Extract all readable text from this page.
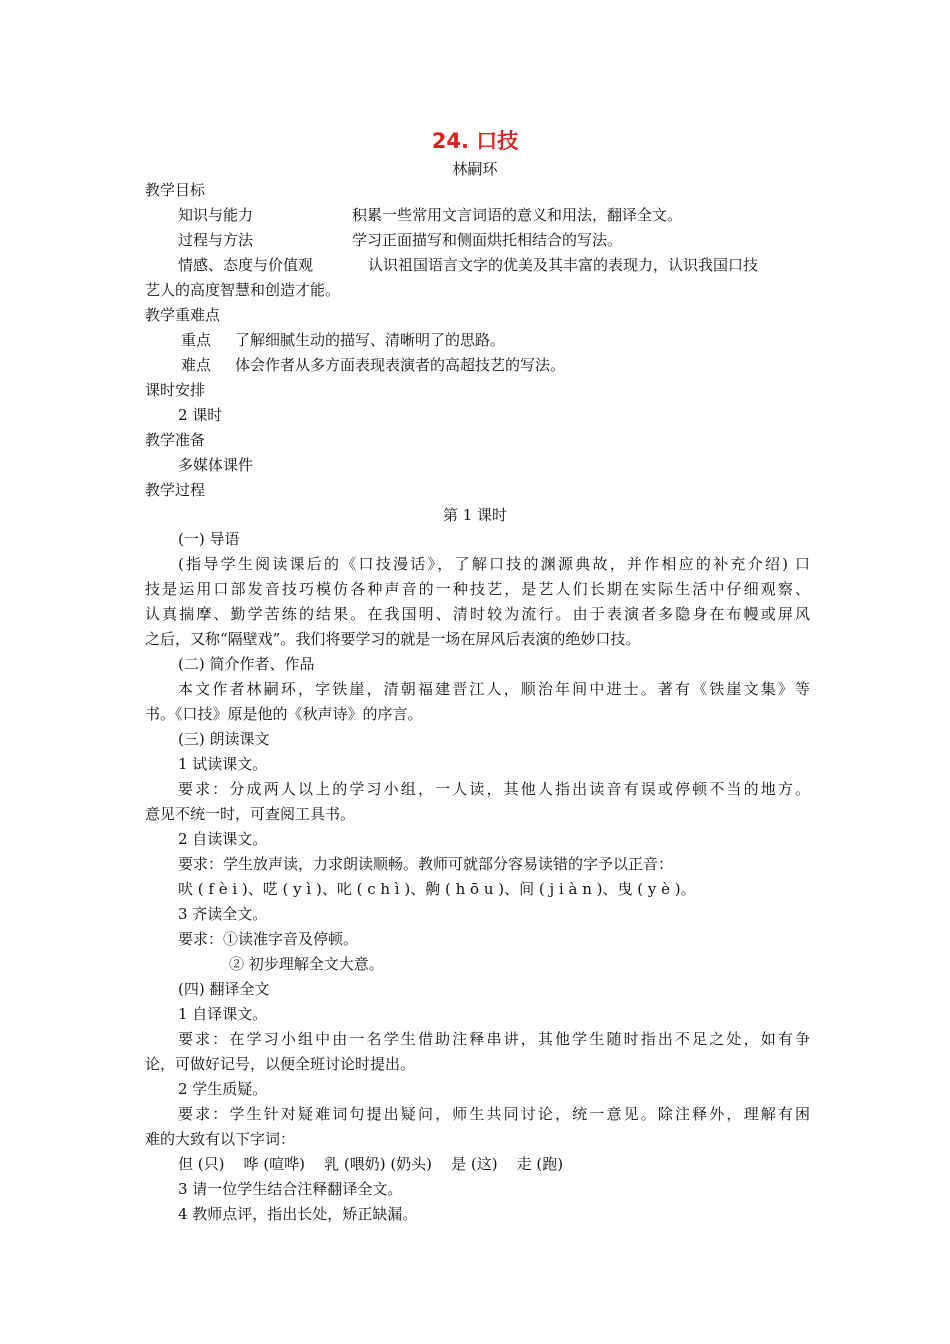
24. 口技
林嗣环
教学目标
知识与能力	积累一些常用文言词语的意义和用法，翻译全文。
过程与方法	学习正面描写和侧面烘托相结合的写法。
情感、态度与价值观	认识祖国语言文字的优美及其丰富的表现力，认识我国口技
艺人的高度智慧和创造才能。
教学重难点
重点 了解细腻生动的描写、清晰明了的思路。
难点 体会作者从多方面表现表演者的高超技艺的写法。
课时安排
2 课时
教学准备
多媒体课件
教学过程
第 1 课时
(一) 导语
(指导学生阅读课后的《口技漫话》，了解口技的渊源典故，并作相应的补充介绍) 口
技是运用口部发音技巧模仿各种声音的一种技艺，是艺人们长期在实际生活中仔细观察、
认真揣摩、勤学苦练的结果。在我国明、清时较为流行。由于表演者多隐身在布幔或屏风
之后，又称“隔壁戏”。我们将要学习的就是一场在屏风后表演的绝妙口技。
(二) 简介作者、作品
本文作者林嗣环，字铁崖，清朝福建晋江人，顺治年间中进士。著有《铁崖文集》等
书。《口技》原是他的《秋声诗》的序言。
(三) 朗读课文
1 试读课文。
要求：分成两人以上的学习小组，一人读，其他人指出读音有误或停顿不当的地方。
意见不统一时，可查阅工具书。
2 自读课文。
要求：学生放声读，力求朗读顺畅。教师可就部分容易读错的字予以正音：
吠 ( f è i )、呓 ( y ì )、叱 ( c h ì )、齁 ( h ō u )、间 ( j i à n )、曳 ( y è )。
3 齐读全文。
要求：①读准字音及停顿。
② 初步理解全文大意。
(四) 翻译全文
1 自译课文。
要求：在学习小组中由一名学生借助注释串讲，其他学生随时指出不足之处，如有争
论，可做好记号，以便全班讨论时提出。
2 学生质疑。
要求：学生针对疑难词句提出疑问，师生共同讨论，统一意见。除注释外，理解有困
难的大致有以下字词：
但 (只)    哗 (喧哗)    乳 (喂奶) (奶头)    是 (这)    走 (跑)
3 请一位学生结合注释翻译全文。
4 教师点评，指出长处，矫正缺漏。
